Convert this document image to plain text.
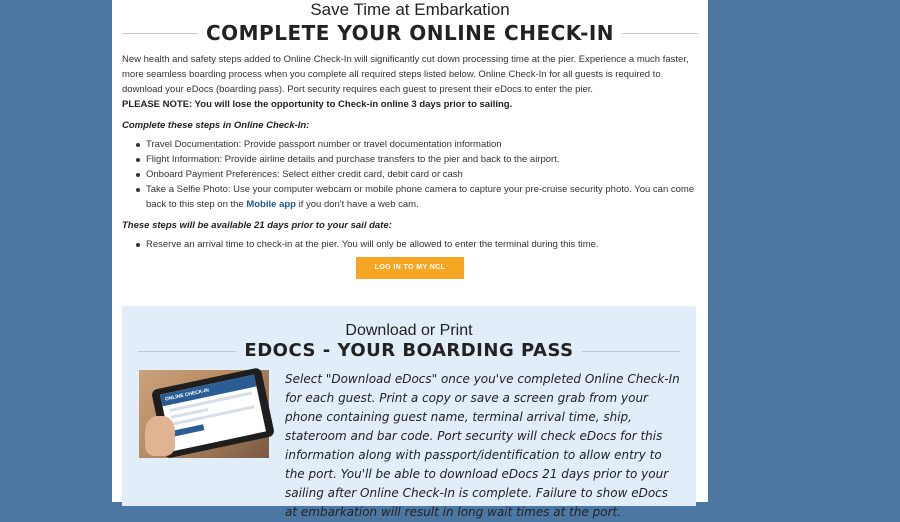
Save Time at Embarkation
COMPLETE YOUR ONLINE CHECK-IN

New health and safety steps added to Online Check-In will significantly cut down processing time at the pier. Experience a much faster, more seamless boarding process when you complete all required steps listed below. Online Check-In for all guests is required to download your eDocs (boarding pass). Port security requires each guest to present their eDocs to enter the pier.

PLEASE NOTE: You will lose the opportunity to Check-in online 3 days prior to sailing.

Complete these steps in Online Check-In:
Travel Documentation: Provide passport number or travel documentation information
Flight Information: Provide airline details and purchase transfers to the pier and back to the airport.
Onboard Payment Preferences: Select either credit card, debit card or cash
Take a Selfie Photo: Use your computer webcam or mobile phone camera to capture your pre-cruise security photo. You can come back to this step on the Mobile app if you don't have a web cam.
These steps will be available 21 days prior to your sail date:
Reserve an arrival time to check-in at the pier. You will only be allowed to enter the terminal during this time.
LOG IN TO MY NCL
Download or Print
EDOCS - YOUR BOARDING PASS
ONLINE CHECK-IN

Select "Download eDocs" once you've completed Online Check-In for each guest. Print a copy or save a screen grab from your phone containing guest name, terminal arrival time, ship, stateroom and bar code. Port security will check eDocs for this information along with passport/identification to allow entry to the port. You'll be able to download eDocs 21 days prior to your sailing after Online Check-In is complete. Failure to show eDocs at embarkation will result in long wait times at the port.
